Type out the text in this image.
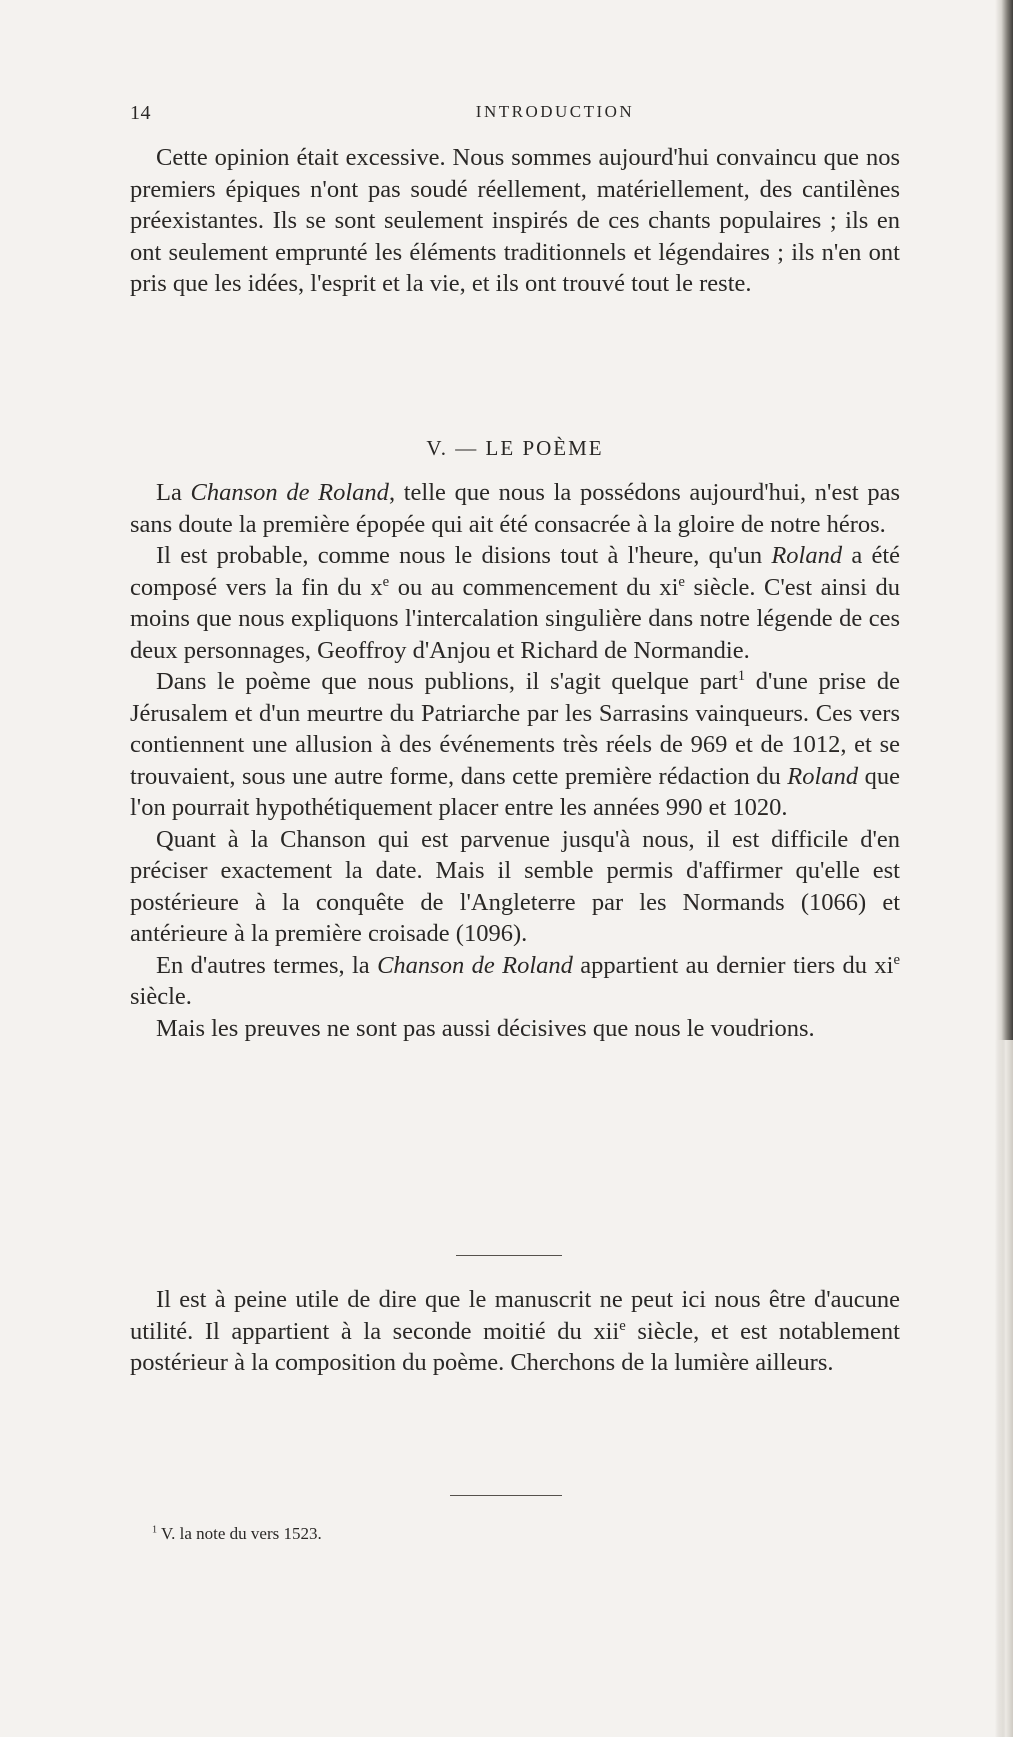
14	INTRODUCTION

Cette opinion était excessive. Nous sommes aujourd'hui convaincu que nos premiers épiques n'ont pas soudé réellement, matériellement, des cantilènes préexistantes. Ils se sont seulement inspirés de ces chants populaires ; ils en ont seulement emprunté les éléments traditionnels et légendaires ; ils n'en ont pris que les idées, l'esprit et la vie, et ils ont trouvé tout le reste.

V. — LE POÈME

La Chanson de Roland, telle que nous la possédons aujourd'hui, n'est pas sans doute la première épopée qui ait été consacrée à la gloire de notre héros.

Il est probable, comme nous le disions tout à l'heure, qu'un Roland a été composé vers la fin du $x^e$ ou au commencement du $xi^e$ siècle. C'est ainsi du moins que nous expliquons l'intercalation singulière dans notre légende de ces deux personnages, Geoffroy d'Anjou et Richard de Normandie.

Dans le poème que nous publions, il s'agit quelque part$^1$ d'une prise de Jérusalem et d'un meurtre du Patriarche par les Sarrasins vainqueurs. Ces vers contiennent une allusion à des événements très réels de 969 et de 1012, et se trouvaient, sous une autre forme, dans cette première rédaction du Roland que l'on pourrait hypothétiquement placer entre les années 990 et 1020.

Quant à la Chanson qui est parvenue jusqu'à nous, il est difficile d'en préciser exactement la date. Mais il semble permis d'affirmer qu'elle est postérieure à la conquête de l'Angleterre par les Normands (1066) et antérieure à la première croisade (1096).

En d'autres termes, la Chanson de Roland appartient au dernier tiers du $xi^e$ siècle.

Mais les preuves ne sont pas aussi décisives que nous le voudrions.

Il est à peine utile de dire que le manuscrit ne peut ici nous être d'aucune utilité. Il appartient à la seconde moitié du xii$^e$ siècle, et est notablement postérieur à la composition du poème. Cherchons de la lumière ailleurs.

$^1$ V. la note du vers 1523.
